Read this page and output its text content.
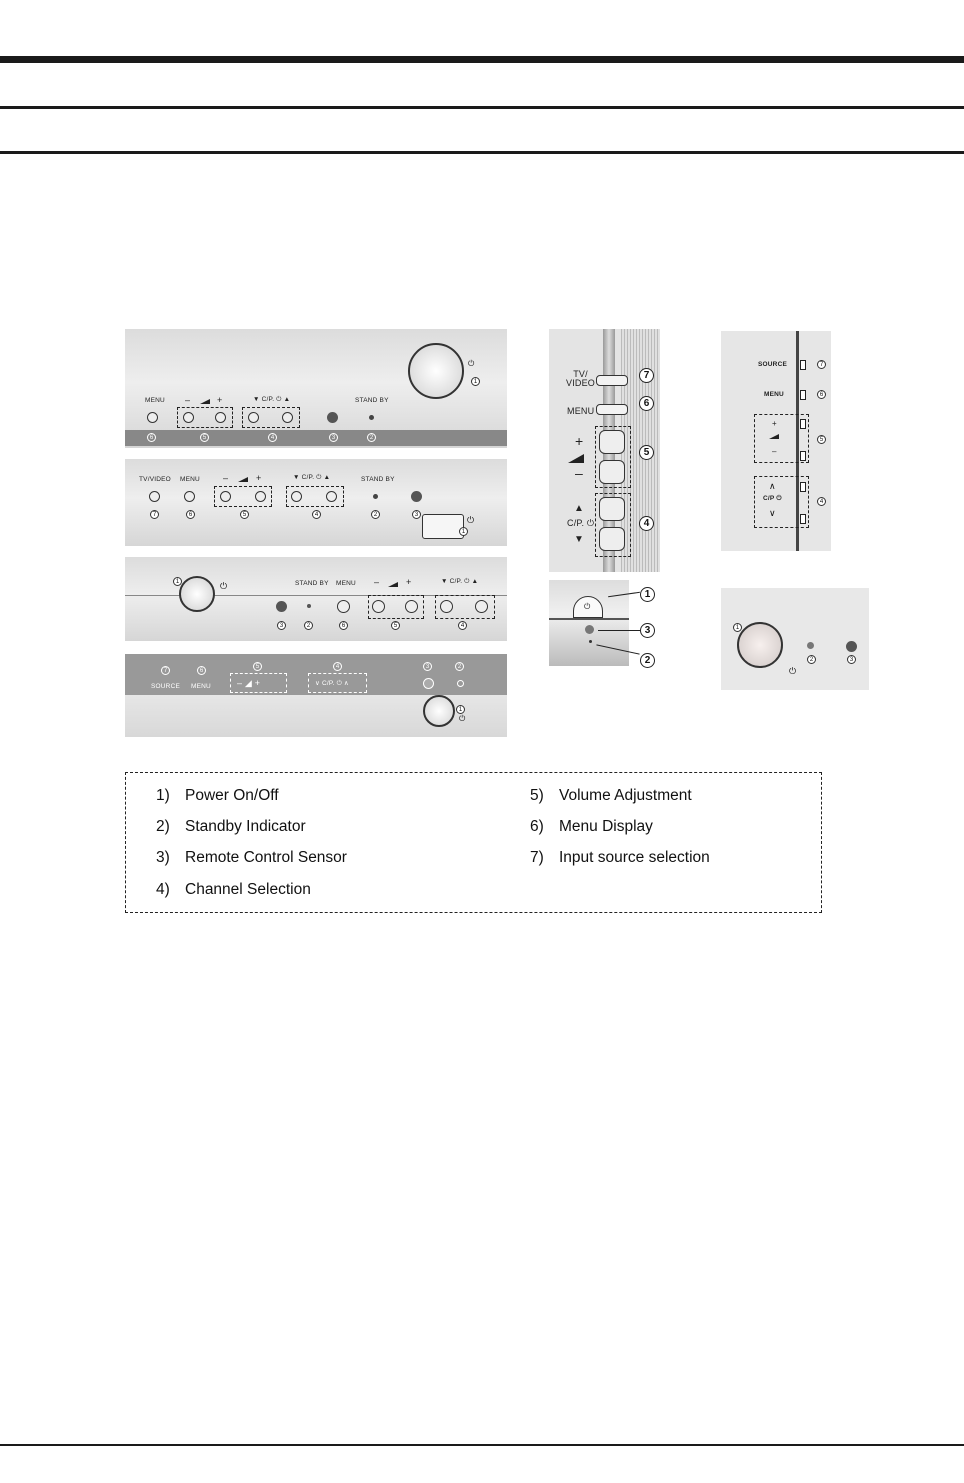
⏻
1
MENU –	+	▼ C/P. ⏻ ▲	STAND BY
6	5	4	3	2
TV/VIDEO MENU	–	+	▼ C/P. ⏻ ▲	STAND BY
7	6	5	4	2	3
1
⏻
1	⏻	STAND BY MENU –	+	▼ C/P. ⏻ ▲
3	2	6	5	4
7	6
SOURCE MENU
5
– ◢ +
4
∨ C/P. ⏻ ∧
3	2
1
⏻
TV/
VIDEO
7
MENU
6
+
–
5
▲
C/P. ⏻
▼
4
⏻
1
3
2
SOURCE	7
MENU	6
+
–
5
∧
C/P ⏻
∨
4
1
⏻
2	3
1) Power On/Off
2) Standby Indicator
3) Remote Control Sensor
4) Channel Selection
5) Volume Adjustment
6) Menu Display
7) Input source selection
